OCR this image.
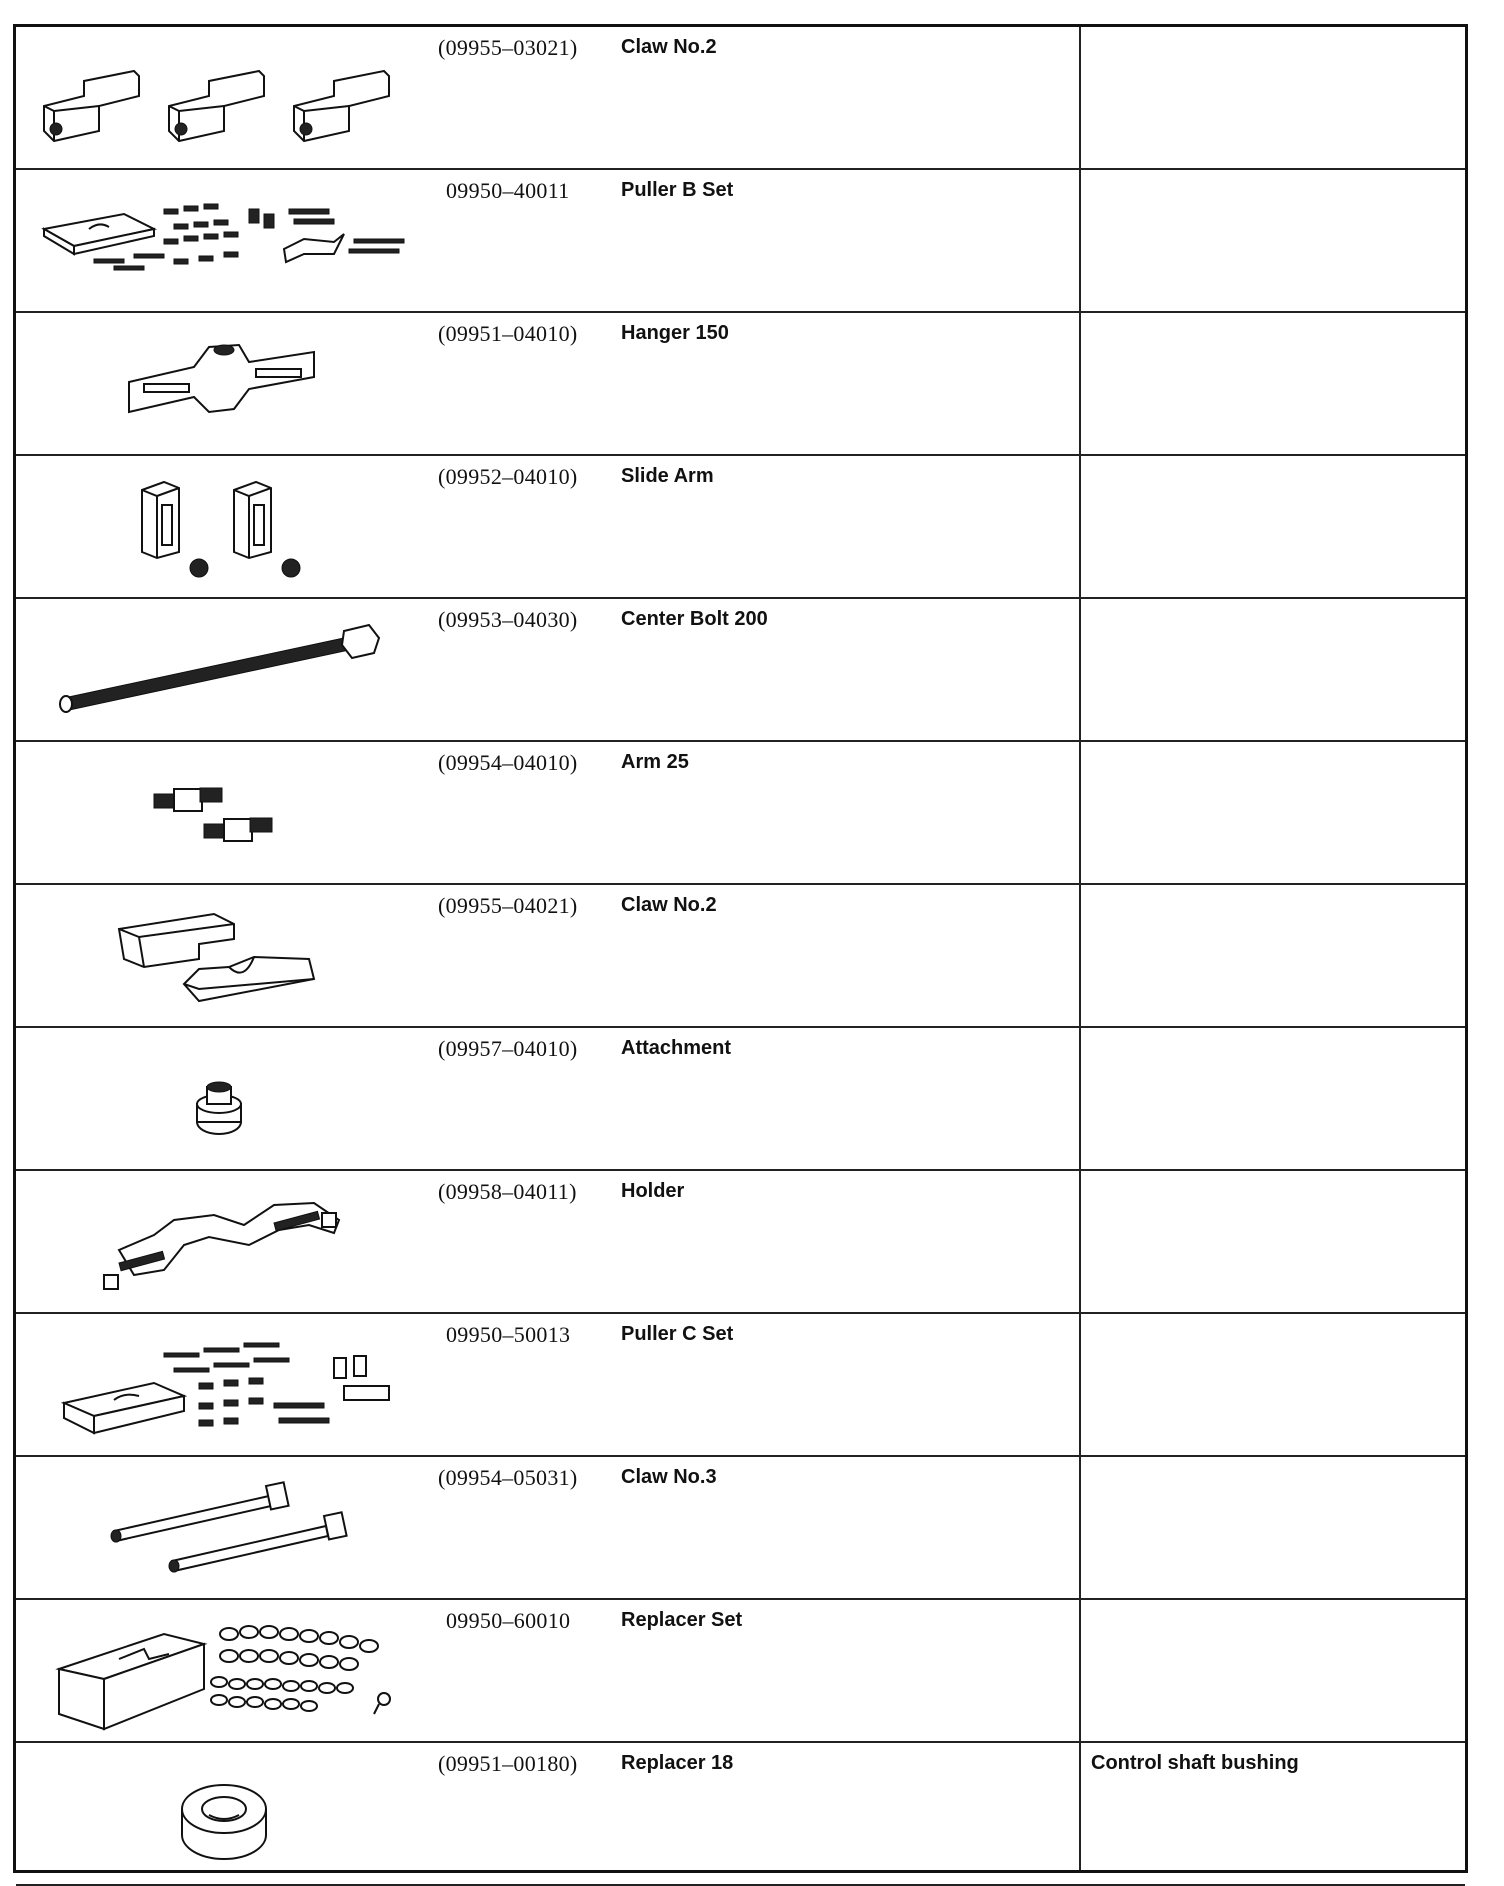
(09955–03021) Claw No.2
09950–40011	Puller B Set
(09951–04010) Hanger 150
(09952–04010) Slide Arm
(09953–04030) Center Bolt 200
(09954–04010) Arm 25
(09955–04021) Claw No.2
(09957–04010) Attachment
(09958–04011) Holder
09950–50013	Puller C Set
(09954–05031) Claw No.3
09950–60010	Replacer Set
(09951–00180) Replacer 18	Control shaft bushing
